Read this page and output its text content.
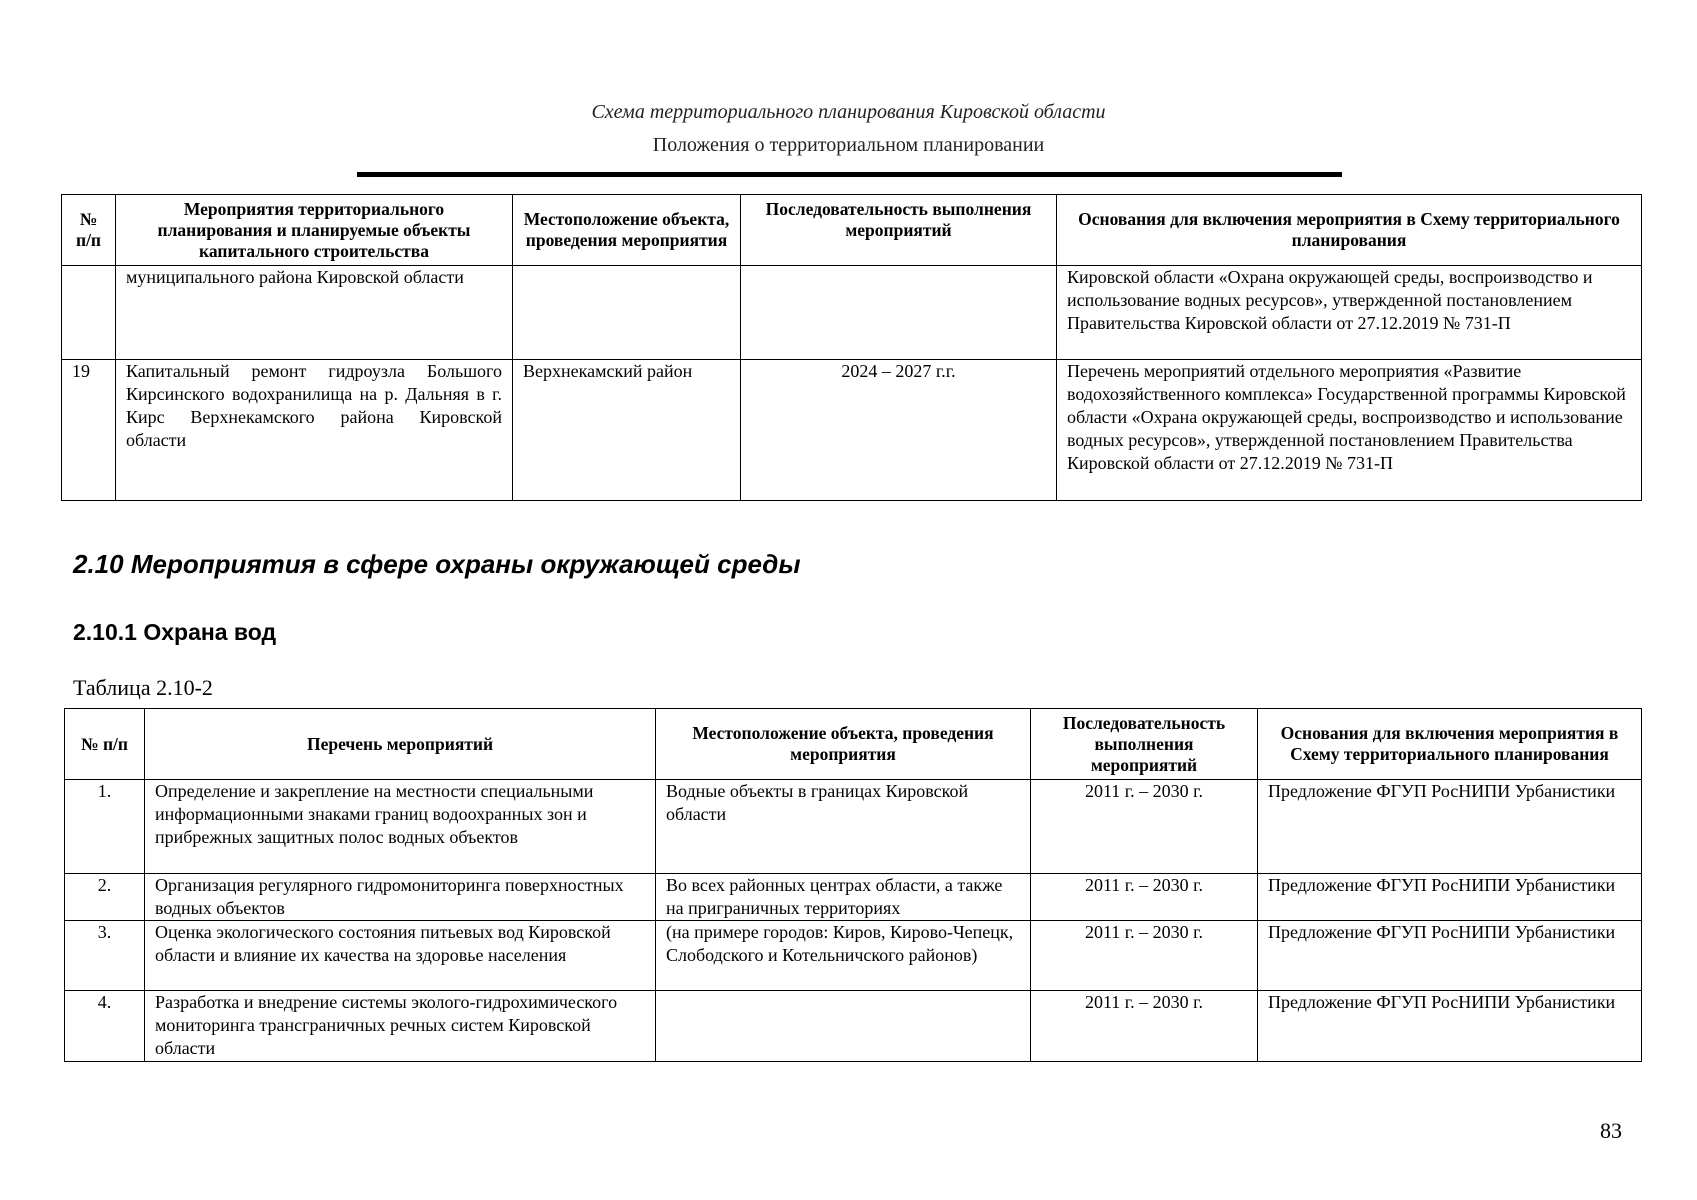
Схема территориального планирования Кировской области
Положения о территориальном планировании
№ п/п	Мероприятия территориального планирования и планируемые объекты капитального строительства	Местоположение объекта, проведения мероприятия	Последовательность выполнения мероприятий	Основания для включения мероприятия в Схему территориального планирования
	муниципального района Кировской области			Кировской области «Охрана окружающей среды, воспроизводство и использование водных ресурсов», утвержденной постановлением Правительства Кировской области от 27.12.2019 № 731-П
19	Капитальный ремонт гидроузла Большого Кирсинского водохранилища на р. Дальняя в г. Кирс Верхнекамского района Кировской области	Верхнекамский район	2024 – 2027 г.г.	Перечень мероприятий отдельного мероприятия «Развитие водохозяйственного комплекса» Государственной программы Кировской области «Охрана окружающей среды, воспроизводство и использование водных ресурсов», утвержденной постановлением Правительства Кировской области от 27.12.2019 № 731-П
2.10 Мероприятия в сфере охраны окружающей среды
2.10.1 Охрана вод
Таблица 2.10-2
№ п/п	Перечень мероприятий	Местоположение объекта, проведения мероприятия	Последовательность выполнения мероприятий	Основания для включения мероприятия в Схему территориального планирования
1.	Определение и закрепление на местности специальными информационными знаками границ водоохранных зон и прибрежных защитных полос водных объектов	Водные объекты в границах Кировской области	2011 г. – 2030 г.	Предложение ФГУП РосНИПИ Урбанистики
2.	Организация регулярного гидромониторинга поверхностных водных объектов	Во всех районных центрах области, а также на приграничных территориях	2011 г. – 2030 г.	Предложение ФГУП РосНИПИ Урбанистики
3.	Оценка экологического состояния питьевых вод Кировской области и влияние их качества на здоровье населения	(на примере городов: Киров, Кирово-Чепецк, Слободского и Котельничского районов)	2011 г. – 2030 г.	Предложение ФГУП РосНИПИ Урбанистики
4.	Разработка и внедрение системы эколого-гидрохимического мониторинга трансграничных речных систем Кировской области		2011 г. – 2030 г.	Предложение ФГУП РосНИПИ Урбанистики
83
